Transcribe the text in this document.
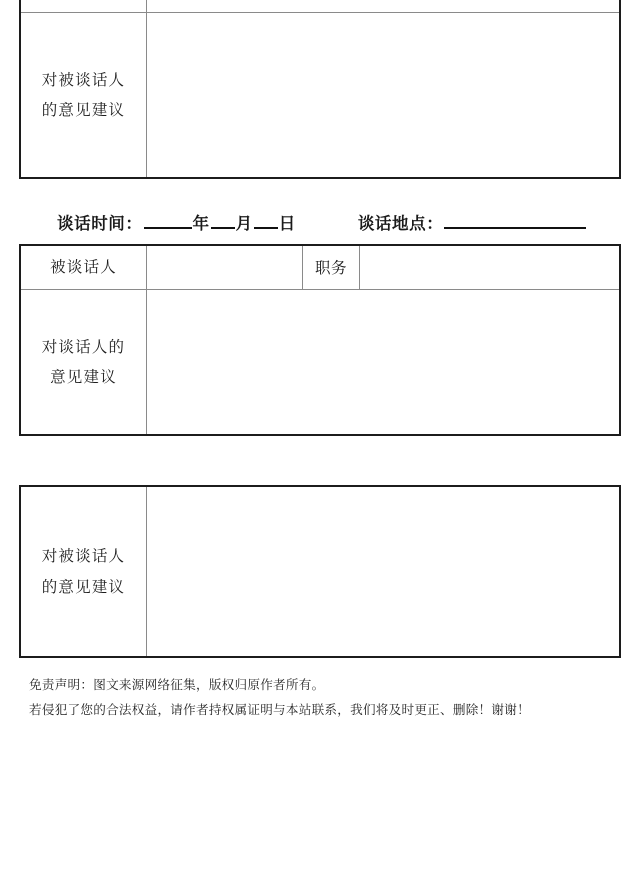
对被谈话人
的意见建议	

谈话时间：	年 月 日	谈话地点：
被谈话人		职务	

对谈话人的
意见建议			

对被谈话人
的意见建议

免责声明：图文来源网络征集，版权归原作者所有。
若侵犯了您的合法权益，请作者持权属证明与本站联系，我们将及时更正、删除！谢谢！
